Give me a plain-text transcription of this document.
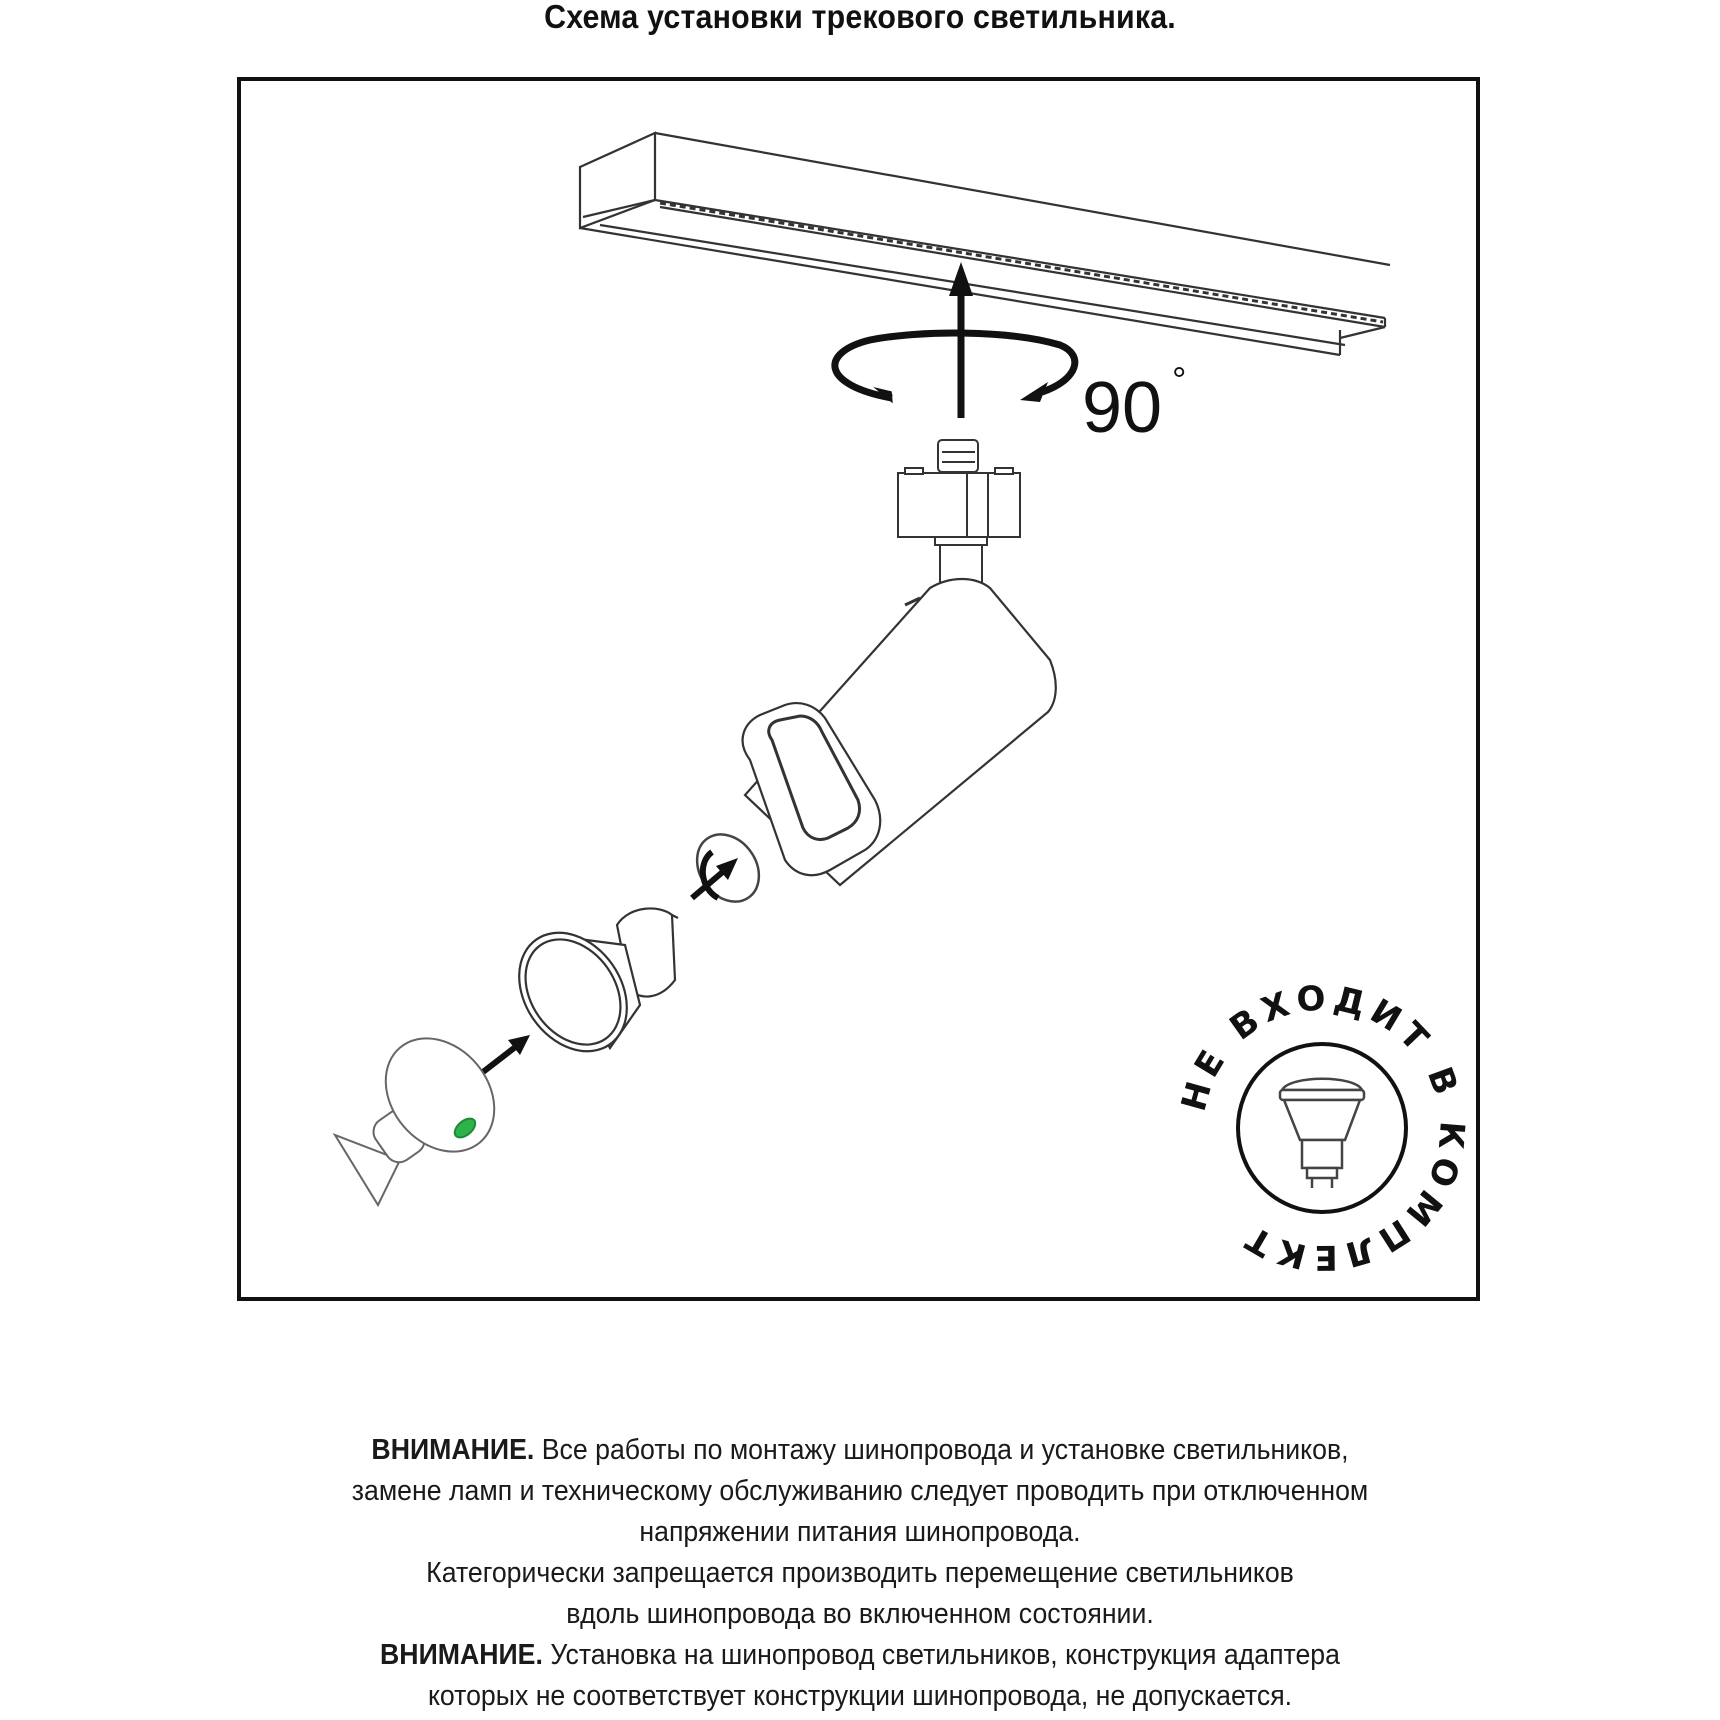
Схема установки трекового светильника.
90 °
НЕ ВХОДИТ В КОМПЛЕКТ
ВНИМАНИЕ. Все работы по монтажу шинопровода и установке светильников,
замене ламп и техническому обслуживанию следует проводить при отключенном
напряжении питания шинопровода.
Категорически запрещается производить перемещение светильников
вдоль шинопровода во включенном состоянии.
ВНИМАНИЕ. Установка на шинопровод светильников, конструкция адаптера
которых не соответствует конструкции шинопровода, не допускается.
